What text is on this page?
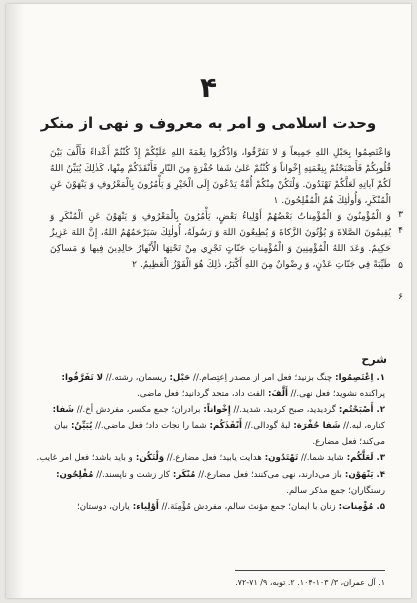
۴
وحدت اسلامی و امر به معروف و نهی از منکر
وَاعْتَصِمُوا بِحَبْلِ اللهِ جَمِيعاً وَ لا تَفَرَّقُوا، وَاذْكُرُوا نِعْمَةَ اللهِ عَلَيْكُمْ إِذْ كُنْتُمْ أَعْداءً فَأَلَّفَ بَيْنَ قُلُوبِكُمْ فَأَصْبَحْتُمْ بِنِعْمَتِهِ إِخْواناً وَ كُنْتُمْ عَلىٰ شَفا حُفْرَةٍ مِنَ النّارِ فَأَنْقَذَكُمْ مِنْها، كَذٰلِكَ يُبَيِّنُ اللهُ لَكُمْ آياتِهِ لَعَلَّكُمْ تَهْتَدُونَ. وَلْتَكُنْ مِنْكُمْ أُمَّةٌ يَدْعُونَ إِلَى الْخَيْرِ وَ يَأْمُرُونَ بِالْمَعْرُوفِ وَ يَنْهَوْنَ عَنِ الْمُنْكَرِ، وَأُولٰئِكَ هُمُ الْمُفْلِحُونَ. ۱
وَ الْمُؤْمِنُونَ وَ الْمُؤْمِناتُ بَعْضُهُمْ أَوْلِياءُ بَعْضٍ، يَأْمُرُونَ بِالْمَعْرُوفِ وَ يَنْهَوْنَ عَنِ الْمُنْكَرِ وَ يُقِيمُونَ الصَّلاةَ وَ يُؤْتُونَ الزَّكاةَ وَ يُطِيعُونَ اللهَ وَ رَسُولَهُ، أُولٰئِكَ سَيَرْحَمُهُمُ اللهُ، إِنَّ اللهَ عَزِيزٌ حَكِيمٌ. وَعَدَ اللهُ الْمُؤْمِنِينَ وَ الْمُؤْمِناتِ جَنّاتٍ تَجْرِي مِنْ تَحْتِهَا الْأَنْهارُ خالِدِينَ فِيها وَ مَساكِنَ طَيِّبَةً فِي جَنّاتِ عَدْنٍ، وَ رِضْوانٌ مِنَ اللهِ أَكْبَرُ، ذٰلِكَ هُوَ الْفَوْزُ الْعَظِيمُ. ۲
۳
۴
۵
۶
شرح

۱. اِعْتَصِمُوا: چنگ بزنید؛ فعل امر از مصدر اِعتِصام.// حَبْل: ریسمان، رشته.// لا تَفَرَّقُوا: پراکنده نشوید؛ فعل نهی.// أَلَّفَ: الفت داد، متحد گردانید؛ فعل ماضی.

۲. أَصْبَحْتُم: گردیدید، صبح کردید، شدید.// إِخْواناً: برادران؛ جمع مکسر، مفردش أخ.// شَفا: کناره، لبه.// شَفا حُفْرَة: لبهٔ گودالی.// أَنْقَذَكُم: شما را نجات داد؛ فعل ماضی.// يُبَيِّنُ: بیان می‌کند؛ فعل مضارع.

۳. لَعَلَّكُم: شاید شما.// تَهْتَدُون: هدایت یابید؛ فعل مضارع.// وَلْتَكُن: و باید باشد؛ فعل امر غایب.

۴. يَنْهَوْن: باز می‌دارند، نهی می‌کنند؛ فعل مضارع.// مُنْكَر: کار زشت و ناپسند.// مُفْلِحُون: رستگاران؛ جمع مذکر سالم.

۵. مُؤْمِنات: زنان با ایمان؛ جمع مؤنث سالم، مفردش مُؤْمِنَة.// أَوْلِياء: یاران، دوستان؛

۱. آل عمران، ۳/ ۱۰۳-۱۰۴. ۲. توبه، ۹/ ۷۱-۷۲.
